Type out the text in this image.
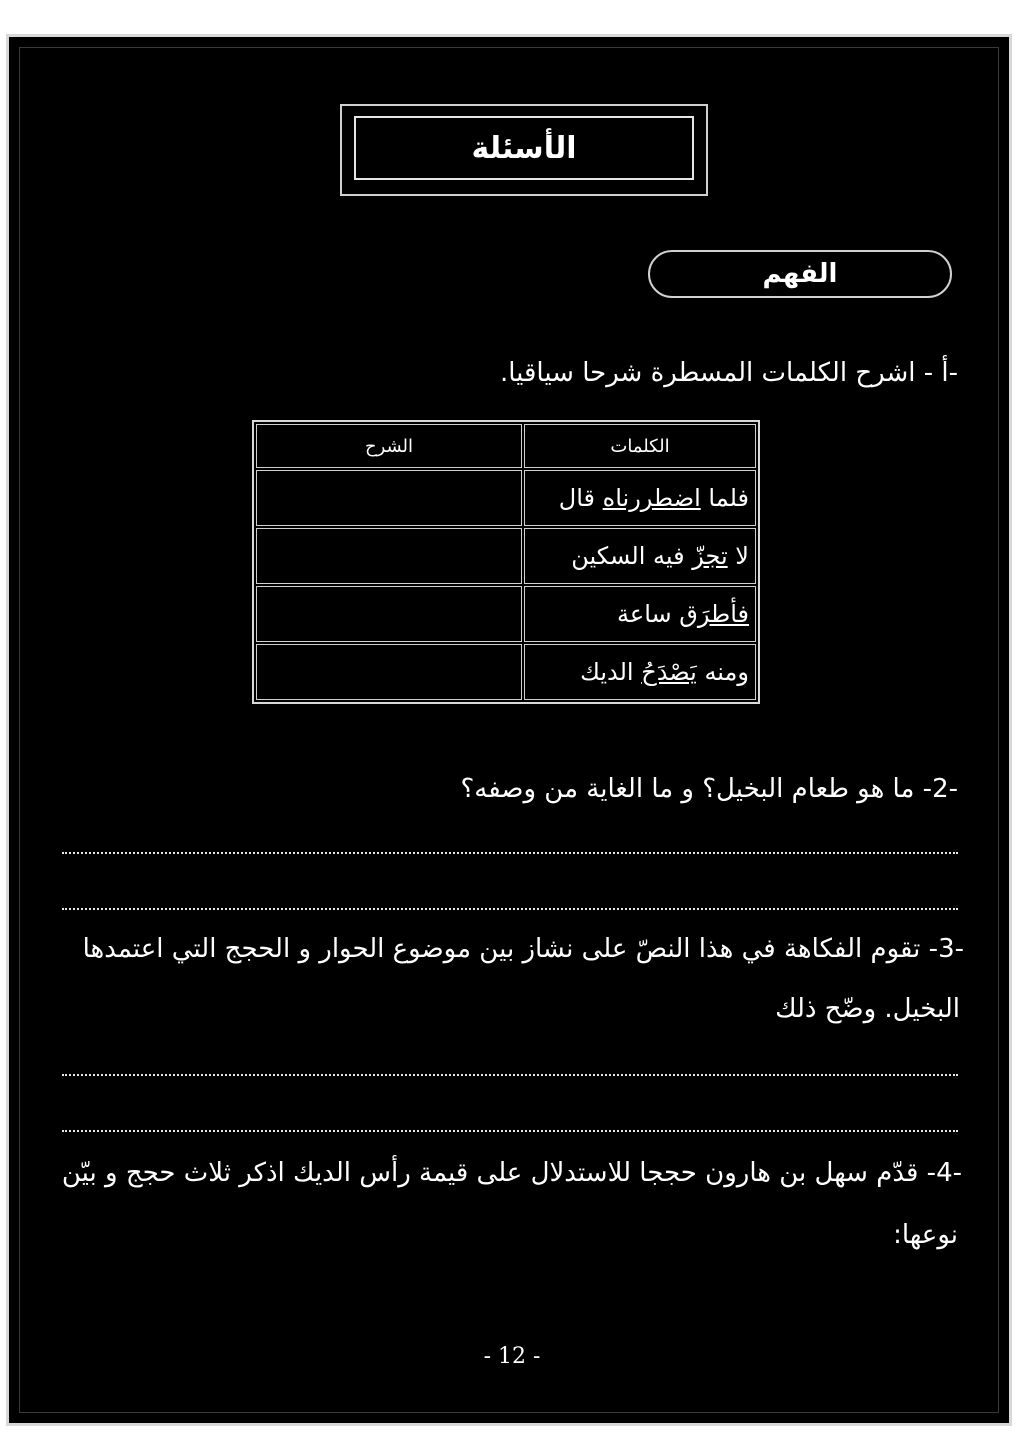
الأسئلة
الفهم
-أ - اشرح الكلمات المسطرة شرحا سياقيا.
الكلمات	الشرح
فلما اضطررناه قال	
لا تجزّ فيه السكين	
فأطرَق ساعة	
ومنه يَصْدَحُ الديك	
-2- ما هو طعام البخيل؟ و ما الغاية من وصفه؟
-3- تقوم الفكاهة في هذا النصّ على نشاز بين موضوع الحوار و الحجج التي اعتمدها
البخيل. وضّح ذلك
-4- قدّم سهل بن هارون حججا للاستدلال على قيمة رأس الديك اذكر ثلاث حجج و بيّن
نوعها:
- 12 -
